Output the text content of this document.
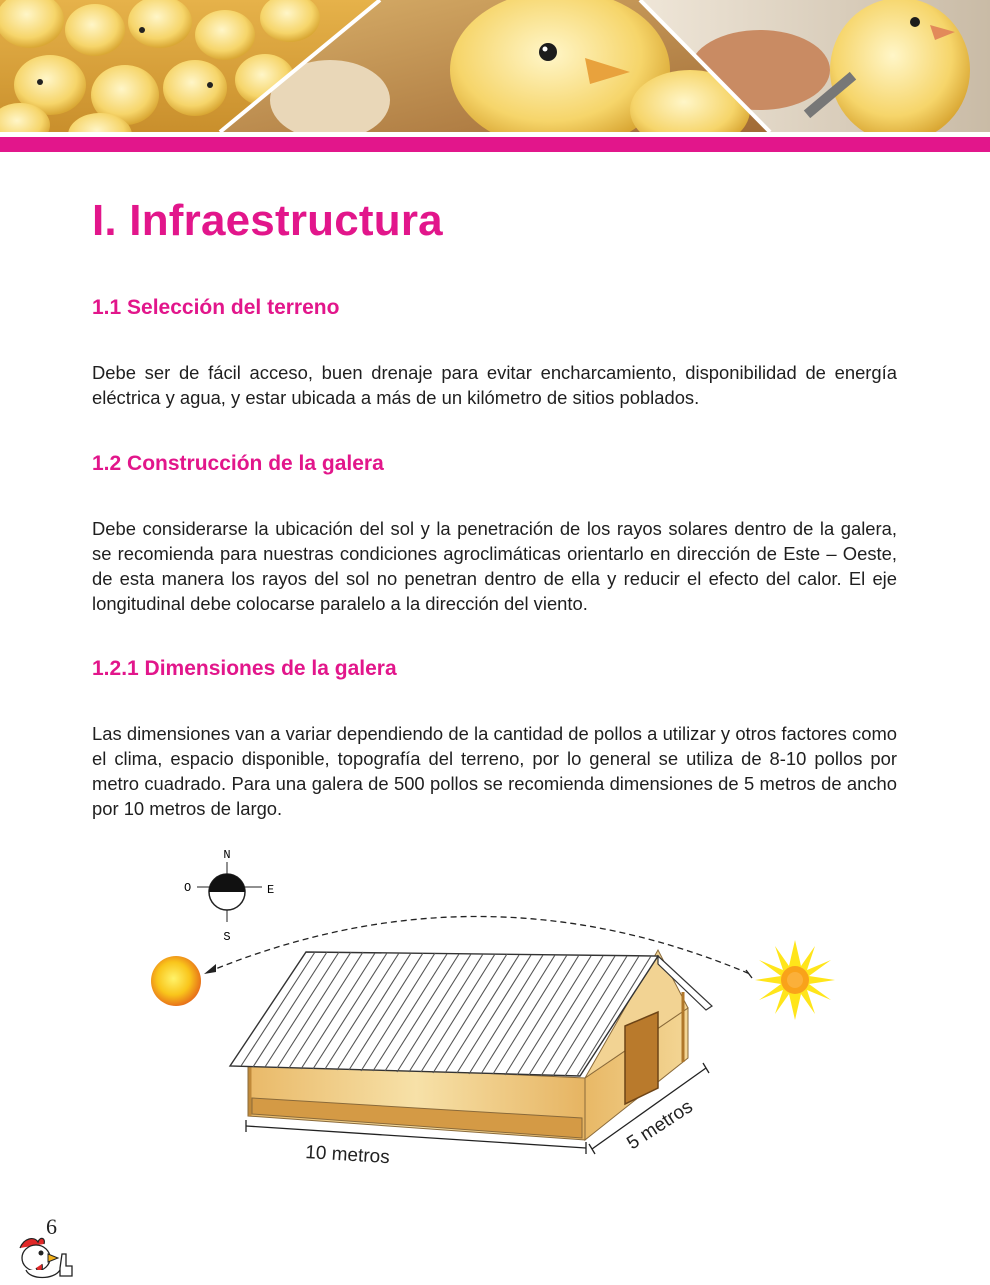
I. Infraestructura
1.1 Selección del terreno

Debe ser de fácil acceso, buen drenaje para evitar encharcamiento, disponibilidad de energía eléctrica y agua, y estar ubicada a más de un kilómetro de sitios poblados.

1.2 Construcción de la galera

Debe considerarse la ubicación del sol y la penetración de los rayos solares dentro de la galera, se recomienda para nuestras condiciones agroclimáticas orientarlo en dirección de Este – Oeste, de esta manera los rayos del sol no penetran dentro de ella y reducir el efecto del calor. El eje longitudinal debe colocarse paralelo a la dirección del viento.

1.2.1 Dimensiones de la galera

Las dimensiones van a variar dependiendo de la cantidad de pollos a utilizar y otros factores como el clima, espacio disponible, topografía del terreno, por lo general se utiliza de 8-10 pollos por metro cuadrado. Para una galera de 500 pollos se recomienda dimensiones de 5 metros de ancho por 10 metros de largo.

N
S
E
O
10 metros
5 metros
6
